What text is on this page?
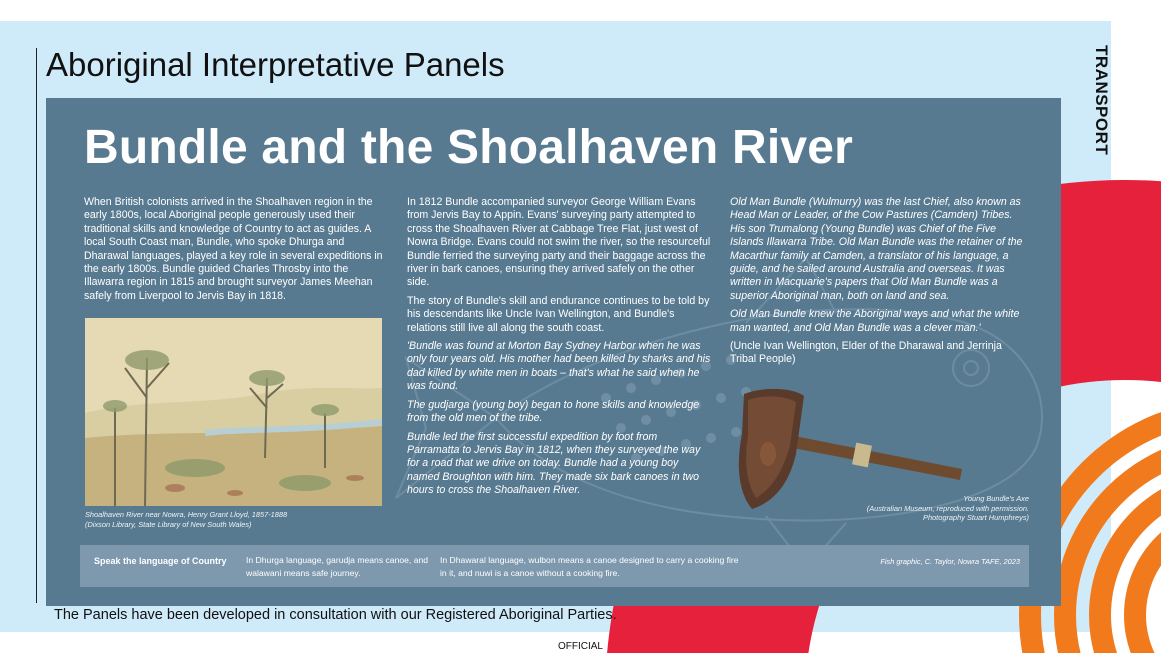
TRANSPORT
Aboriginal Interpretative Panels
Bundle and the Shoalhaven River

When British colonists arrived in the Shoalhaven region in the early 1800s, local Aboriginal people generously used their traditional skills and knowledge of Country to act as guides. A local South Coast man, Bundle, who spoke Dhurga and Dharawal languages, played a key role in several expeditions in the early 1800s. Bundle guided Charles Throsby into the Illawarra region in 1815 and brought surveyor James Meehan safely from Liverpool to Jervis Bay in 1818.

Shoalhaven River near Nowra, Henry Grant Lloyd, 1857-1888
(Dixson Library, State Library of New South Wales)

In 1812 Bundle accompanied surveyor George William Evans from Jervis Bay to Appin. Evans' surveying party attempted to cross the Shoalhaven River at Cabbage Tree Flat, just west of Nowra Bridge. Evans could not swim the river, so the resourceful Bundle ferried the surveying party and their baggage across the river in bark canoes, ensuring they arrived safely on the other side.

The story of Bundle's skill and endurance continues to be told by his descendants like Uncle Ivan Wellington, and Bundle's relations still live all along the south coast.

'Bundle was found at Morton Bay Sydney Harbor when he was only four years old. His mother had been killed by sharks and his dad killed by white men in boats – that's what he said when he was found.

The gudjarga (young boy) began to hone skills and knowledge from the old men of the tribe.

Bundle led the first successful expedition by foot from Parramatta to Jervis Bay in 1812, when they surveyed the way for a road that we drive on today. Bundle had a young boy named Broughton with him. They made six bark canoes in two hours to cross the Shoalhaven River.

Old Man Bundle (Wulmurry) was the last Chief, also known as Head Man or Leader, of the Cow Pastures (Camden) Tribes. His son Trumalong (Young Bundle) was Chief of the Five Islands Illawarra Tribe. Old Man Bundle was the retainer of the Macarthur family at Camden, a translator of his language, a guide, and he sailed around Australia and overseas. It was written in Macquarie's papers that Old Man Bundle was a superior Aboriginal man, both on land and sea.

Old Man Bundle knew the Aboriginal ways and what the white man wanted, and Old Man Bundle was a clever man.'

(Uncle Ivan Wellington, Elder of the Dharawal and Jerrinja Tribal People)

Young Bundle's Axe
(Australian Museum, reproduced with permission.
Photography Stuart Humphreys)
Speak the language of Country In Dhurga language, garudja means canoe, and walawani means safe journey.
In Dhawaral language, wulbon means a canoe designed to carry a cooking fire in it, and nuwi is a canoe without a cooking fire.
Fish graphic, C. Taylor, Nowra TAFE, 2023
The Panels have been developed in consultation with our Registered Aboriginal Parties.
OFFICIAL
